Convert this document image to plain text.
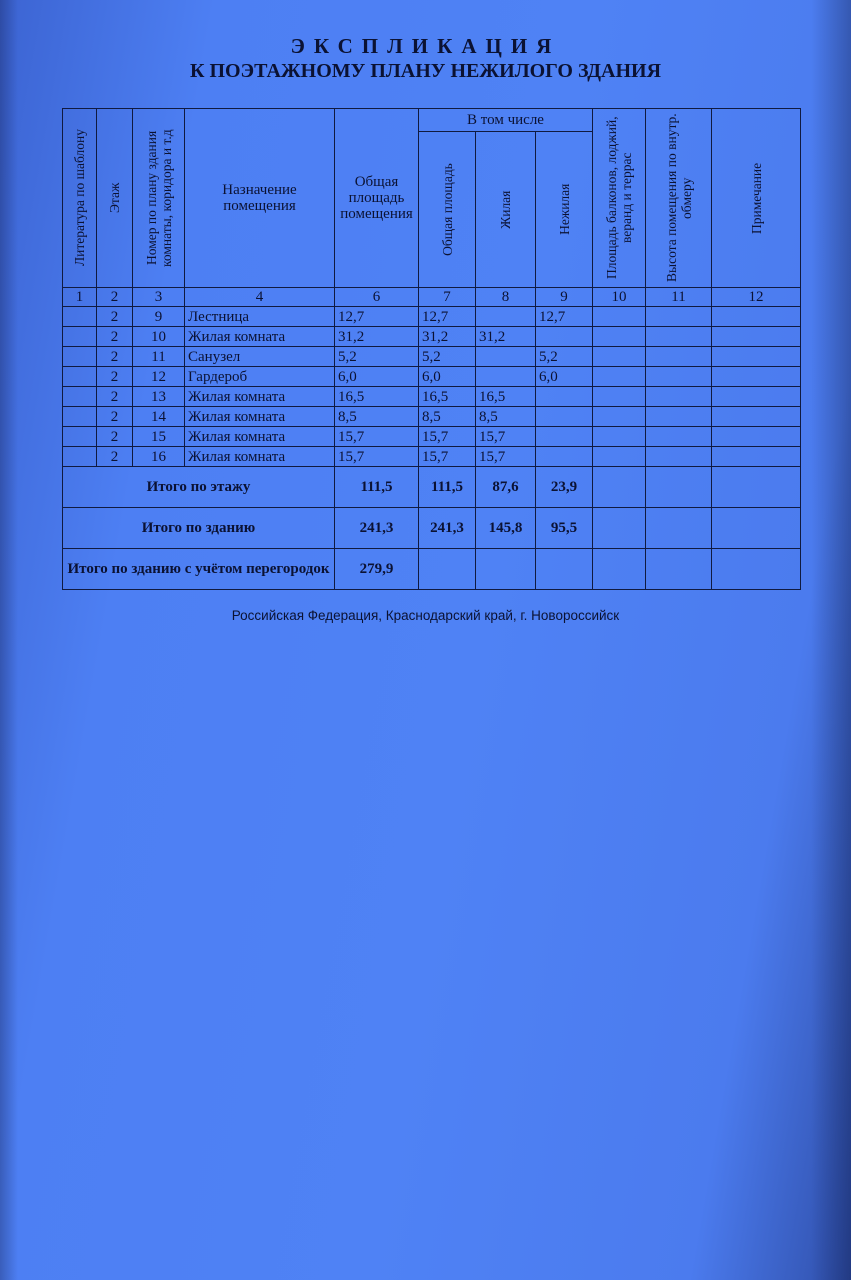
ЭКСПЛИКАЦИЯ
К ПОЭТАЖНОМУ ПЛАНУ НЕЖИЛОГО ЗДАНИЯ
Литература по шаблону	Этаж	Номер по плану здания комнаты, коридора и т.д	Назначение помещения	Общая площадь помещения	В том числе			Площадь балконов, лоджий, веранд и террас	Высота помещения по внутр. обмеру	Примечание

Общая площадь	Жилая	Нежилая			

1	2	3	4	6	7	8	9	10	11	12
	2	9	Лестница	12,7	12,7		12,7			
	2	10	Жилая комната	31,2	31,2	31,2				
	2	11	Санузел	5,2	5,2		5,2			
	2	12	Гардероб	6,0	6,0		6,0			
	2	13	Жилая комната	16,5	16,5	16,5				
	2	14	Жилая комната	8,5	8,5	8,5				
	2	15	Жилая комната	15,7	15,7	15,7				
	2	16	Жилая комната	15,7	15,7	15,7				
Итого по этажу				111,5	111,5	87,6	23,9			
Итого по зданию				241,3	241,3	145,8	95,5			
Итого по зданию с учётом перегородок				279,9						
Российская Федерация, Краснодарский край, г. Новороссийск
